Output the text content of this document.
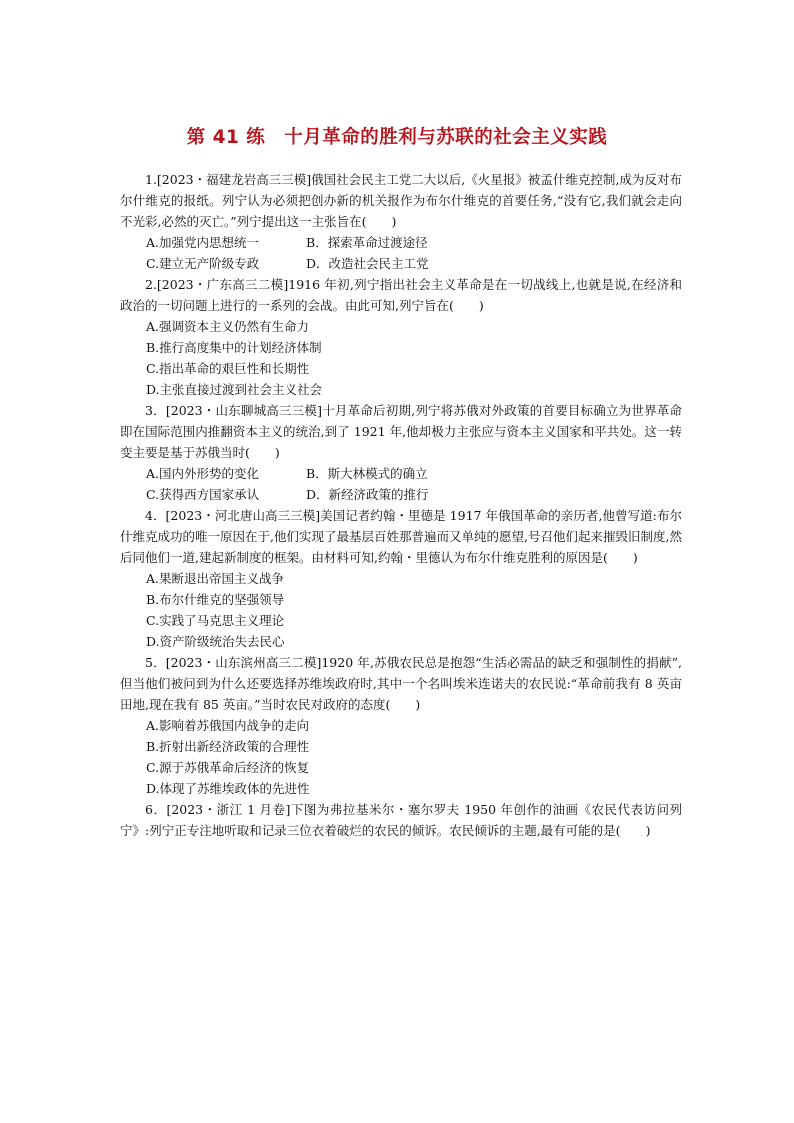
第 41 练　十月革命的胜利与苏联的社会主义实践

1.[2023・福建龙岩高三三模]俄国社会民主工党二大以后,《火星报》被孟什维克控制,成为反对布尔什维克的报纸。列宁认为必须把创办新的机关报作为布尔什维克的首要任务,“没有它,我们就会走向不光彩,必然的灭亡。”列宁提出这一主张旨在(　　)

A.加强党内思想统一	B．探索革命过渡途径
C.建立无产阶级专政	D．改造社会民主工党

2.[2023・广东高三二模]1916 年初,列宁指出社会主义革命是在一切战线上,也就是说,在经济和政治的一切问题上进行的一系列的会战。由此可知,列宁旨在(　　)

A.强调资本主义仍然有生命力
B.推行高度集中的计划经济体制
C.指出革命的艰巨性和长期性
D.主张直接过渡到社会主义社会

3．[2023・山东聊城高三三模]十月革命后初期,列宁将苏俄对外政策的首要目标确立为世界革命即在国际范围内推翻资本主义的统治,到了 1921 年,他却极力主张应与资本主义国家和平共处。这一转变主要是基于苏俄当时(　　)

A.国内外形势的变化	B．斯大林模式的确立
C.获得西方国家承认	D．新经济政策的推行

4．[2023・河北唐山高三三模]美国记者约翰・里德是 1917 年俄国革命的亲历者,他曾写道:布尔什维克成功的唯一原因在于,他们实现了最基层百姓那普遍而又单纯的愿望,号召他们起来摧毁旧制度,然后同他们一道,建起新制度的框架。由材料可知,约翰・里德认为布尔什维克胜利的原因是(　　)

A.果断退出帝国主义战争
B.布尔什维克的坚强领导
C.实践了马克思主义理论
D.资产阶级统治失去民心

5．[2023・山东滨州高三二模]1920 年,苏俄农民总是抱怨“生活必需品的缺乏和强制性的捐献”,但当他们被问到为什么还要选择苏维埃政府时,其中一个名叫埃米连诺夫的农民说:“革命前我有 8 英亩田地,现在我有 85 英亩。”当时农民对政府的态度(　　)

A.影响着苏俄国内战争的走向
B.折射出新经济政策的合理性
C.源于苏俄革命后经济的恢复
D.体现了苏维埃政体的先进性

6．[2023・浙江 1 月卷]下图为弗拉基米尔・塞尔罗夫 1950 年创作的油画《农民代表访问列宁》:列宁正专注地听取和记录三位衣着破烂的农民的倾诉。农民倾诉的主题,最有可能的是(　　)
